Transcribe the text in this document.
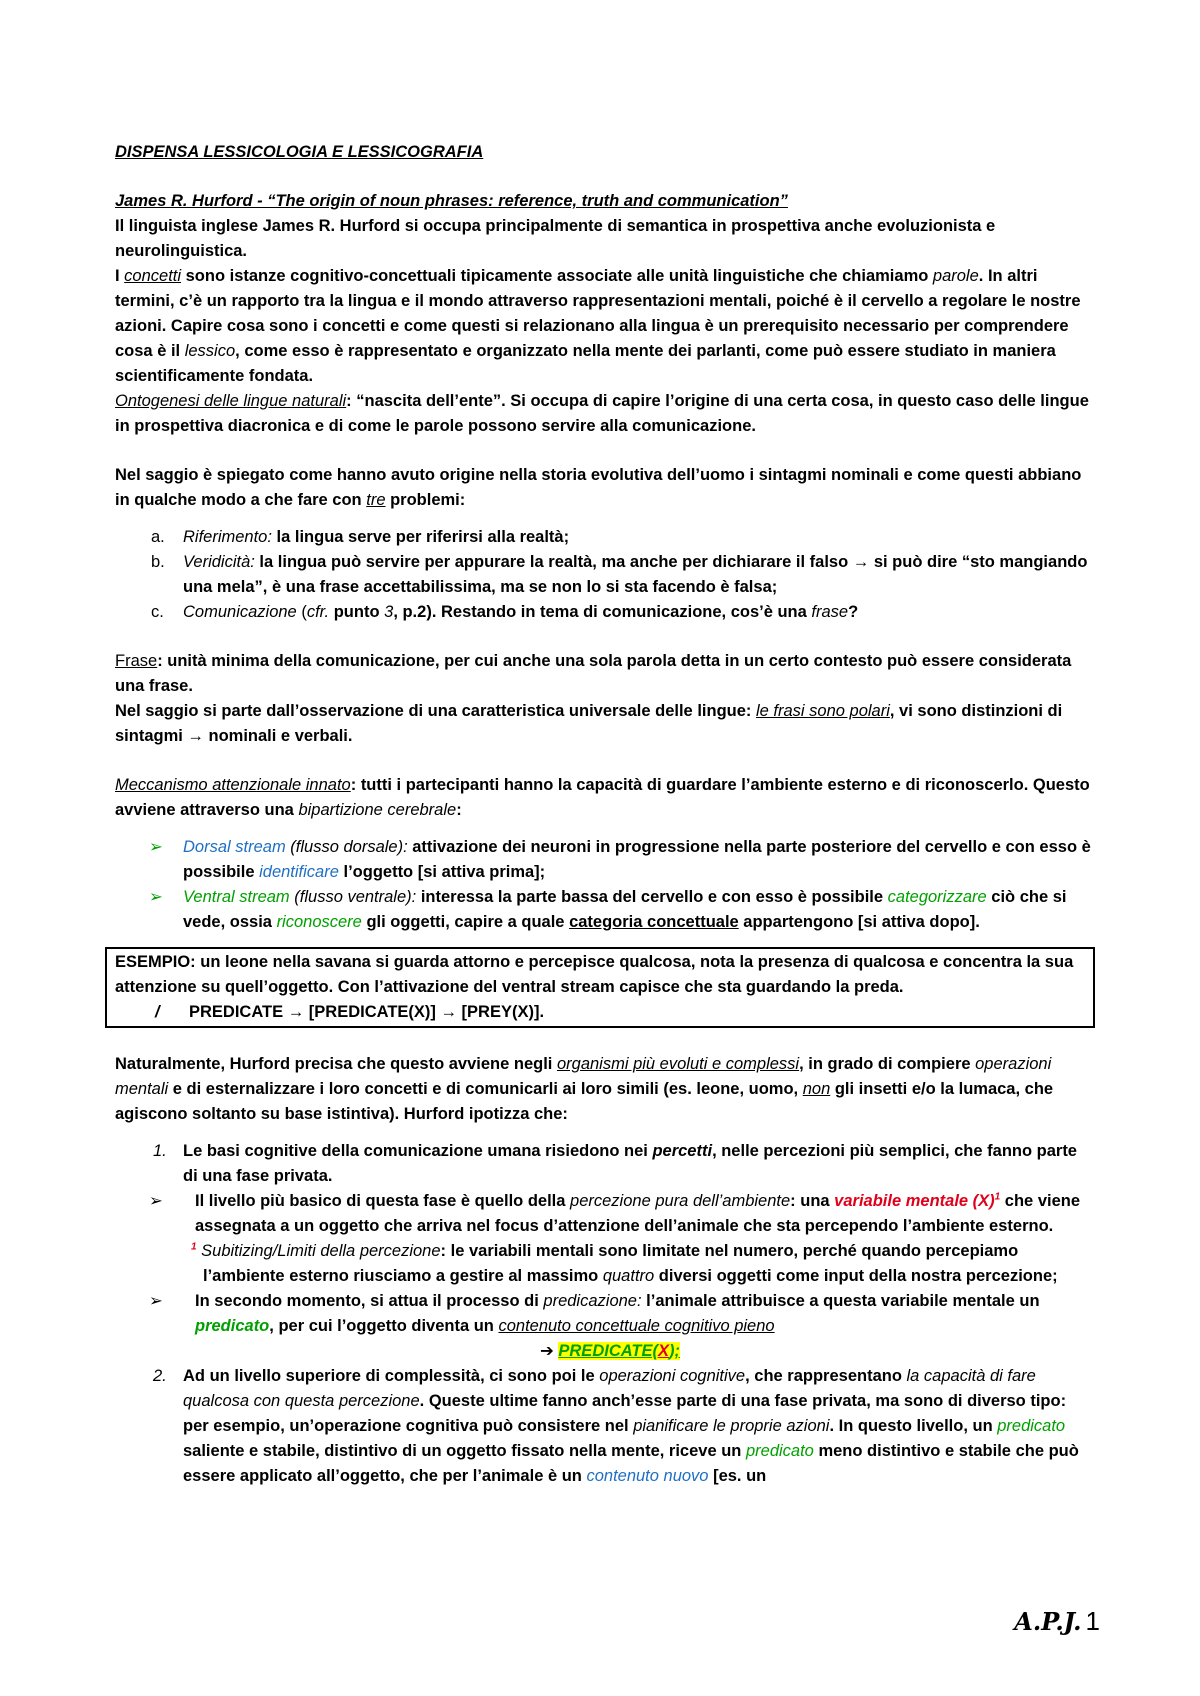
DISPENSA LESSICOLOGIA E LESSICOGRAFIA

James R. Hurford - “The origin of noun phrases: reference, truth and communication”

Il linguista inglese James R. Hurford si occupa principalmente di semantica in prospettiva anche evoluzionista e neurolinguistica.

I concetti sono istanze cognitivo-concettuali tipicamente associate alle unità linguistiche che chiamiamo parole. In altri termini, c’è un rapporto tra la lingua e il mondo attraverso rappresentazioni mentali, poiché è il cervello a regolare le nostre azioni. Capire cosa sono i concetti e come questi si relazionano alla lingua è un prerequisito necessario per comprendere cosa è il lessico, come esso è rappresentato e organizzato nella mente dei parlanti, come può essere studiato in maniera scientificamente fondata.

Ontogenesi delle lingue naturali: “nascita dell’ente”. Si occupa di capire l’origine di una certa cosa, in questo caso delle lingue in prospettiva diacronica e di come le parole possono servire alla comunicazione.

Nel saggio è spiegato come hanno avuto origine nella storia evolutiva dell’uomo i sintagmi nominali e come questi abbiano in qualche modo a che fare con tre problemi:

a. Riferimento: la lingua serve per riferirsi alla realtà;
b. Veridicità: la lingua può servire per appurare la realtà, ma anche per dichiarare il falso → si può dire “sto mangiando una mela”, è una frase accettabilissima, ma se non lo si sta facendo è falsa;
c. Comunicazione (cfr. punto 3, p.2). Restando in tema di comunicazione, cos’è una frase?

Frase: unità minima della comunicazione, per cui anche una sola parola detta in un certo contesto può essere considerata una frase.

Nel saggio si parte dall’osservazione di una caratteristica universale delle lingue: le frasi sono polari, vi sono distinzioni di sintagmi → nominali e verbali.

Meccanismo attenzionale innato: tutti i partecipanti hanno la capacità di guardare l’ambiente esterno e di riconoscerlo. Questo avviene attraverso una bipartizione cerebrale:

➢ Dorsal stream (flusso dorsale): attivazione dei neuroni in progressione nella parte posteriore del cervello e con esso è possibile identificare l’oggetto [si attiva prima];
➢ Ventral stream (flusso ventrale): interessa la parte bassa del cervello e con esso è possibile categorizzare ciò che si vede, ossia riconoscere gli oggetti, capire a quale categoria concettuale appartengono [si attiva dopo].

ESEMPIO: un leone nella savana si guarda attorno e percepisce qualcosa, nota la presenza di qualcosa e concentra la sua attenzione su quell’oggetto. Con l’attivazione del ventral stream capisce che sta guardando la preda.

/ PREDICATE → [PREDICATE(X)] → [PREY(X)].

Naturalmente, Hurford precisa che questo avviene negli organismi più evoluti e complessi, in grado di compiere operazioni mentali e di esternalizzare i loro concetti e di comunicarli ai loro simili (es. leone, uomo, non gli insetti e/o la lumaca, che agiscono soltanto su base istintiva). Hurford ipotizza che:

1. Le basi cognitive della comunicazione umana risiedono nei percetti, nelle percezioni più semplici, che fanno parte di una fase privata.
➢ Il livello più basico di questa fase è quello della percezione pura dell’ambiente: una variabile mentale $(X)^1$ che viene assegnata a un oggetto che arriva nel focus d’attenzione dell’animale che sta percependo l’ambiente esterno.
$^1$ Subitizing/Limiti della percezione: le variabili mentali sono limitate nel numero, perché quando percepiamo l’ambiente esterno riusciamo a gestire al massimo quattro diversi oggetti come input della nostra percezione;
➢ In secondo momento, si attua il processo di predicazione: l’animale attribuisce a questa variabile mentale un predicato, per cui l’oggetto diventa un contenuto concettuale cognitivo pieno

➔ PREDICATE(X);

2. Ad un livello superiore di complessità, ci sono poi le operazioni cognitive, che rappresentano la capacità di fare qualcosa con questa percezione. Queste ultime fanno anch’esse parte di una fase privata, ma sono di diverso tipo: per esempio, un’operazione cognitiva può consistere nel pianificare le proprie azioni. In questo livello, un predicato saliente e stabile, distintivo di un oggetto fissato nella mente, riceve un predicato meno distintivo e stabile che può essere applicato all’oggetto, che per l’animale è un contenuto nuovo [es. un
A.P.J. 1
